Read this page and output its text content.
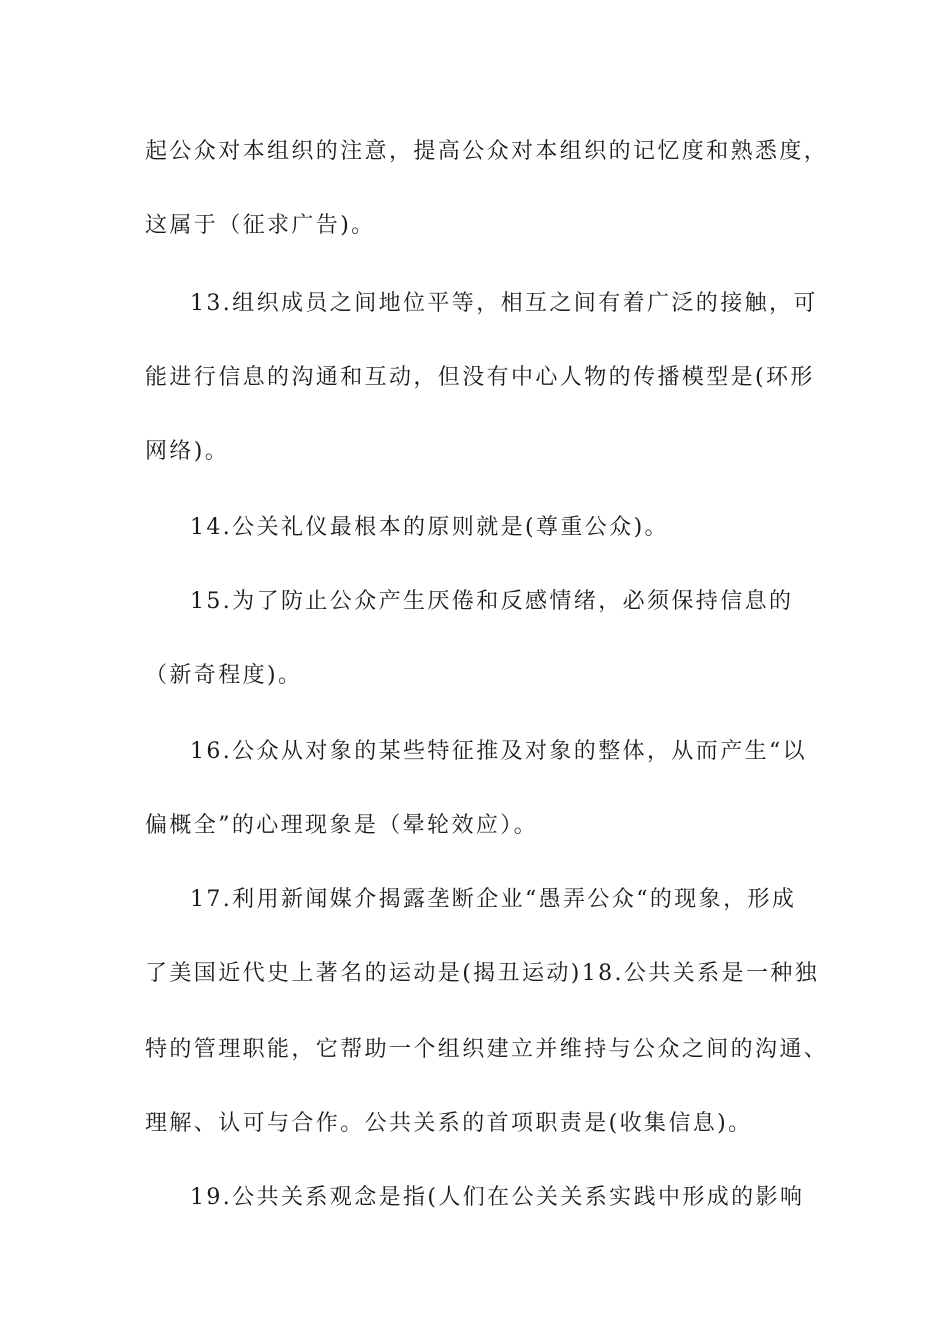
起公众对本组织的注意，提高公众对本组织的记忆度和熟悉度，
这属于（征求广告)。
13.组织成员之间地位平等，相互之间有着广泛的接触，可
能进行信息的沟通和互动，但没有中心人物的传播模型是(环形
网络)。
14.公关礼仪最根本的原则就是(尊重公众)。
15.为了防止公众产生厌倦和反感情绪，必须保持信息的
（新奇程度)。
16.公众从对象的某些特征推及对象的整体，从而产生“以
偏概全”的心理现象是（晕轮效应）。
17.利用新闻媒介揭露垄断企业“愚弄公众“的现象，形成
了美国近代史上著名的运动是(揭丑运动)18.公共关系是一种独
特的管理职能，它帮助一个组织建立并维持与公众之间的沟通、
理解、认可与合作。公共关系的首项职责是(收集信息)。
19.公共关系观念是指(人们在公关关系实践中形成的影响
